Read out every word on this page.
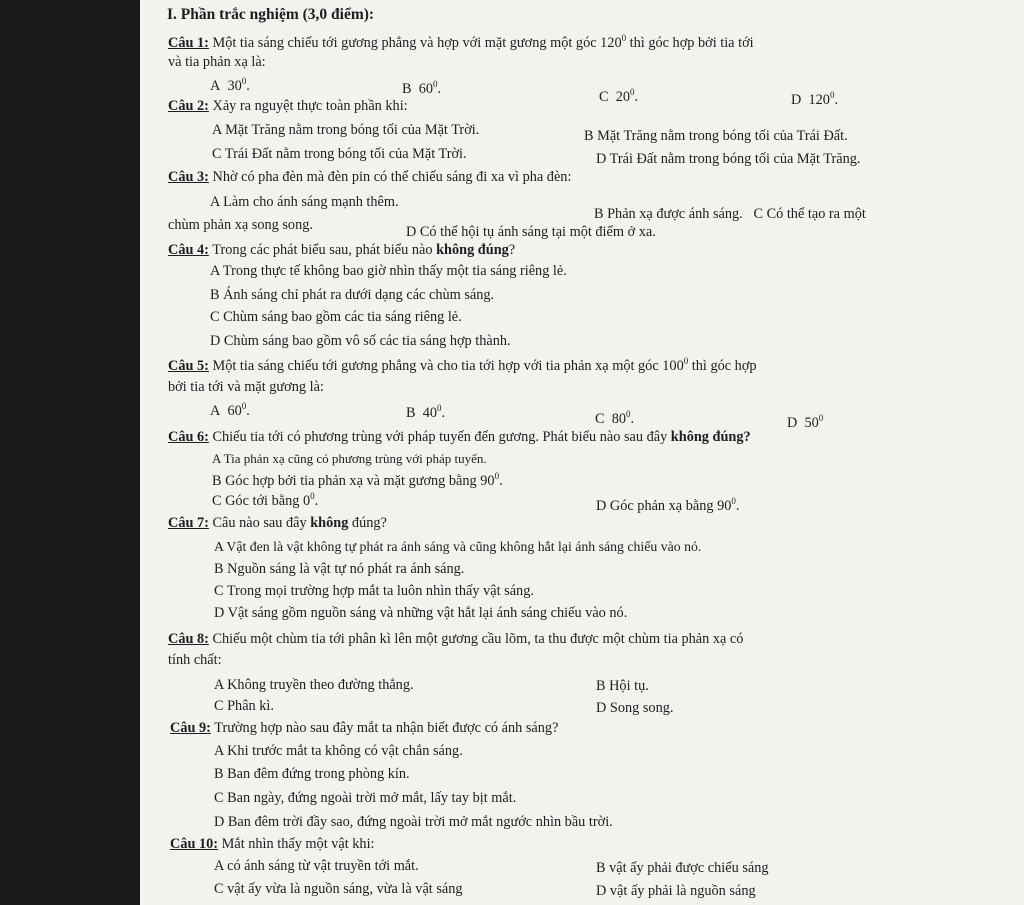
I. Phần trắc nghiệm (3,0 điểm):
Câu 1: Một tia sáng chiếu tới gương phẳng và hợp với mặt gương một góc $120^0$ thì góc hợp bởi tia tới
và tia phản xạ là:
A $30^0$.	B $60^0$.
Câu 2: Xảy ra nguyệt thực toàn phần khi:
C $20^0$.	D $120^0$.
A Mặt Trăng nằm trong bóng tối của Mặt Trời.	B Mặt Trăng nằm trong bóng tối của Trái Đất.
C Trái Đất nằm trong bóng tối của Mặt Trời.	D Trái Đất nằm trong bóng tối của Mặt Trăng.
Câu 3: Nhờ có pha đèn mà đèn pin có thể chiếu sáng đi xa vì pha đèn:
A Làm cho ánh sáng mạnh thêm.
B Phản xạ được ánh sáng. C Có thể tạo ra một
chùm phản xạ song song.	D Có thể hội tụ ánh sáng tại một điểm ở xa.
Câu 4: Trong các phát biểu sau, phát biểu nào không đúng?
A Trong thực tế không bao giờ nhìn thấy một tia sáng riêng lẻ.
B Ánh sáng chỉ phát ra dưới dạng các chùm sáng.
C Chùm sáng bao gồm các tia sáng riêng lẻ.
D Chùm sáng bao gồm vô số các tia sáng hợp thành.
Câu 5: Một tia sáng chiếu tới gương phẳng và cho tia tới hợp với tia phản xạ một góc $100^0$ thì góc hợp
bởi tia tới và mặt gương là:
A $60^0$.	B $40^0$.	C $80^0$.	D $50^0$
Câu 6: Chiếu tia tới có phương trùng với pháp tuyến đến gương. Phát biểu nào sau đây không đúng?
A Tia phản xạ cũng có phương trùng với pháp tuyến.
B Góc hợp bởi tia phản xạ và mặt gương bằng $90^0$.
C Góc tới bằng $0^0$.	D Góc phản xạ bằng $90^0$.
Câu 7: Câu nào sau đây không đúng?
A Vật đen là vật không tự phát ra ánh sáng và cũng không hắt lại ánh sáng chiếu vào nó.
B Nguồn sáng là vật tự nó phát ra ánh sáng.
C Trong mọi trường hợp mắt ta luôn nhìn thấy vật sáng.
D Vật sáng gồm nguồn sáng và những vật hắt lại ánh sáng chiếu vào nó.
Câu 8: Chiếu một chùm tia tới phân kì lên một gương cầu lõm, ta thu được một chùm tia phản xạ có
tính chất:
A Không truyền theo đường thẳng.	B Hội tụ.
C Phân kì.	D Song song.
Câu 9: Trường hợp nào sau đây mắt ta nhận biết được có ánh sáng?
A Khi trước mắt ta không có vật chắn sáng.
B Ban đêm đứng trong phòng kín.
C Ban ngày, đứng ngoài trời mở mắt, lấy tay bịt mắt.
D Ban đêm trời đầy sao, đứng ngoài trời mở mắt ngước nhìn bầu trời.
Câu 10: Mắt nhìn thấy một vật khi:
A có ánh sáng từ vật truyền tới mắt.	B vật ấy phải được chiếu sáng
C vật ấy vừa là nguồn sáng, vừa là vật sáng	D vật ấy phải là nguồn sáng
